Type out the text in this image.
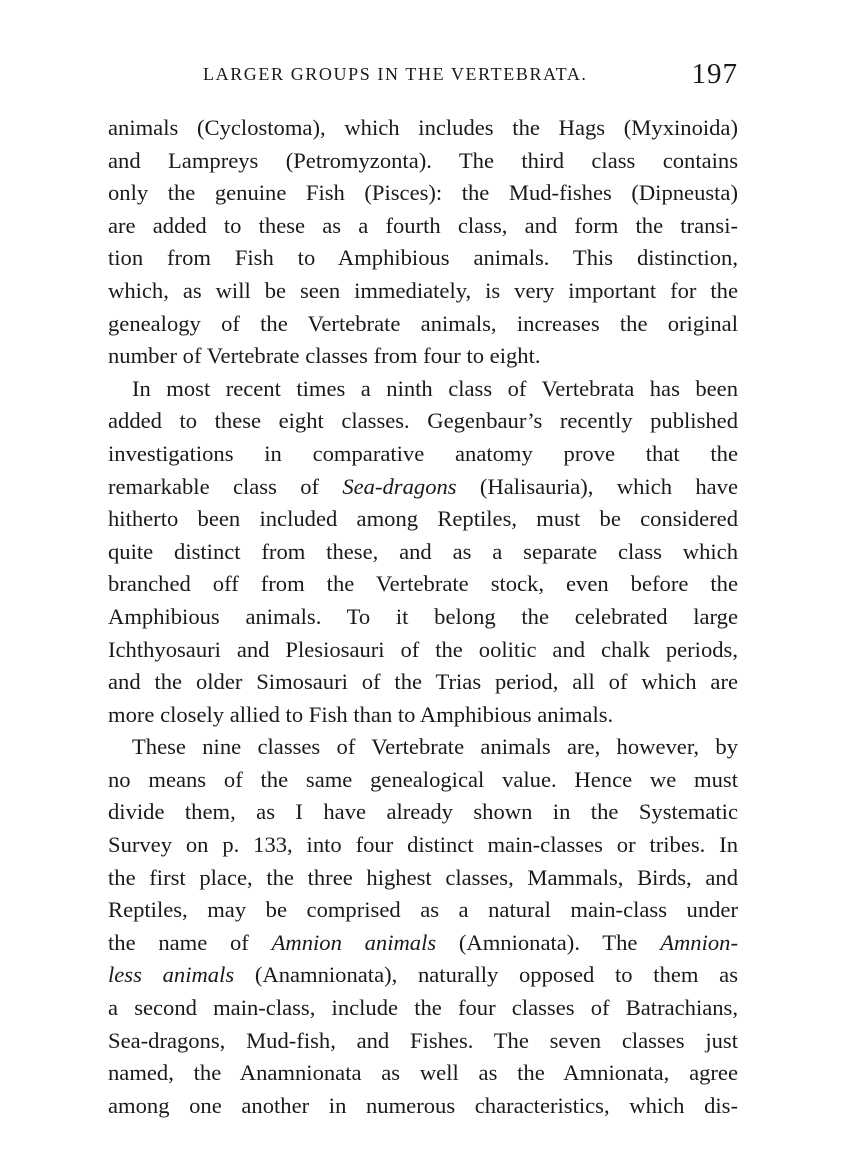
LARGER GROUPS IN THE VERTEBRATA.	197
animals (Cyclostoma), which includes the Hags (Myxinoida)
and Lampreys (Petromyzonta). The third class contains
only the genuine Fish (Pisces): the Mud-fishes (Dipneusta)
are added to these as a fourth class, and form the transi-
tion from Fish to Amphibious animals. This distinction,
which, as will be seen immediately, is very important for the
genealogy of the Vertebrate animals, increases the original
number of Vertebrate classes from four to eight.
In most recent times a ninth class of Vertebrata has been
added to these eight classes. Gegenbaur’s recently published
investigations in comparative anatomy prove that the
remarkable class of Sea-dragons (Halisauria), which have
hitherto been included among Reptiles, must be considered
quite distinct from these, and as a separate class which
branched off from the Vertebrate stock, even before the
Amphibious animals. To it belong the celebrated large
Ichthyosauri and Plesiosauri of the oolitic and chalk periods,
and the older Simosauri of the Trias period, all of which are
more closely allied to Fish than to Amphibious animals.
These nine classes of Vertebrate animals are, however, by
no means of the same genealogical value. Hence we must
divide them, as I have already shown in the Systematic
Survey on p. 133, into four distinct main-classes or tribes. In
the first place, the three highest classes, Mammals, Birds, and
Reptiles, may be comprised as a natural main-class under
the name of Amnion animals (Amnionata). The Amnion-
less animals (Anamnionata), naturally opposed to them as
a second main-class, include the four classes of Batrachians,
Sea-dragons, Mud-fish, and Fishes. The seven classes just
named, the Anamnionata as well as the Amnionata, agree
among one another in numerous characteristics, which dis-
